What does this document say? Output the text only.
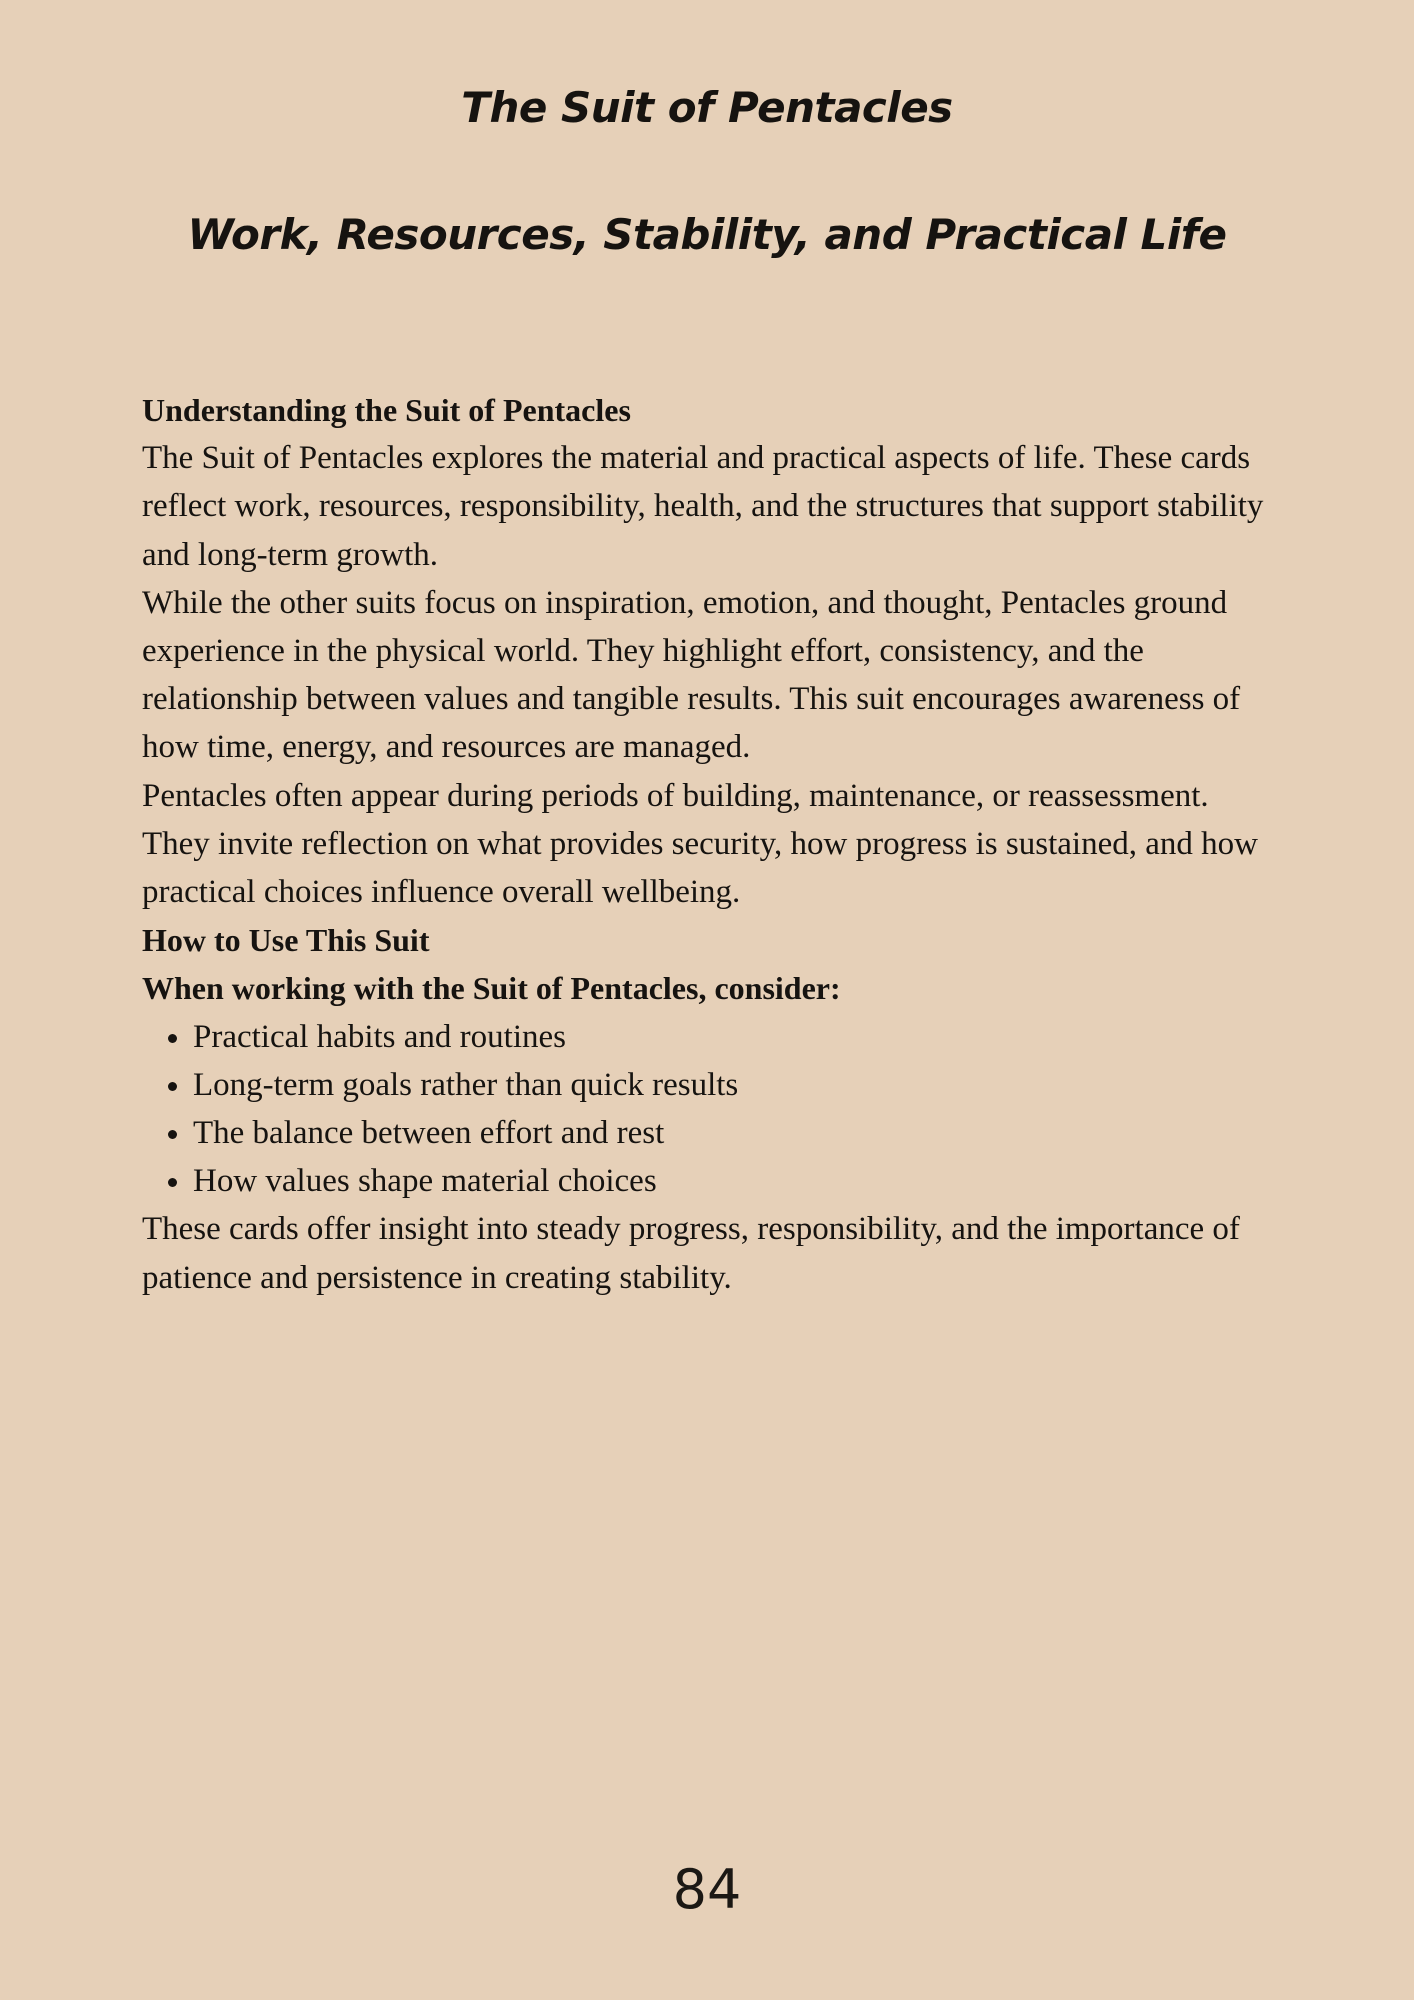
The Suit of Pentacles
Work, Resources, Stability, and Practical Life

Understanding the Suit of Pentacles

The Suit of Pentacles explores the material and practical aspects of life. These cards reflect work, resources, responsibility, health, and the structures that support stability and long-term growth.

While the other suits focus on inspiration, emotion, and thought, Pentacles ground experience in the physical world. They highlight effort, consistency, and the relationship between values and tangible results. This suit encourages awareness of how time, energy, and resources are managed.

Pentacles often appear during periods of building, maintenance, or reassessment. They invite reflection on what provides security, how progress is sustained, and how practical choices influence overall wellbeing.

How to Use This Suit

When working with the Suit of Pentacles, consider:

• Practical habits and routines
• Long-term goals rather than quick results
• The balance between effort and rest
• How values shape material choices

These cards offer insight into steady progress, responsibility, and the importance of patience and persistence in creating stability.

84
